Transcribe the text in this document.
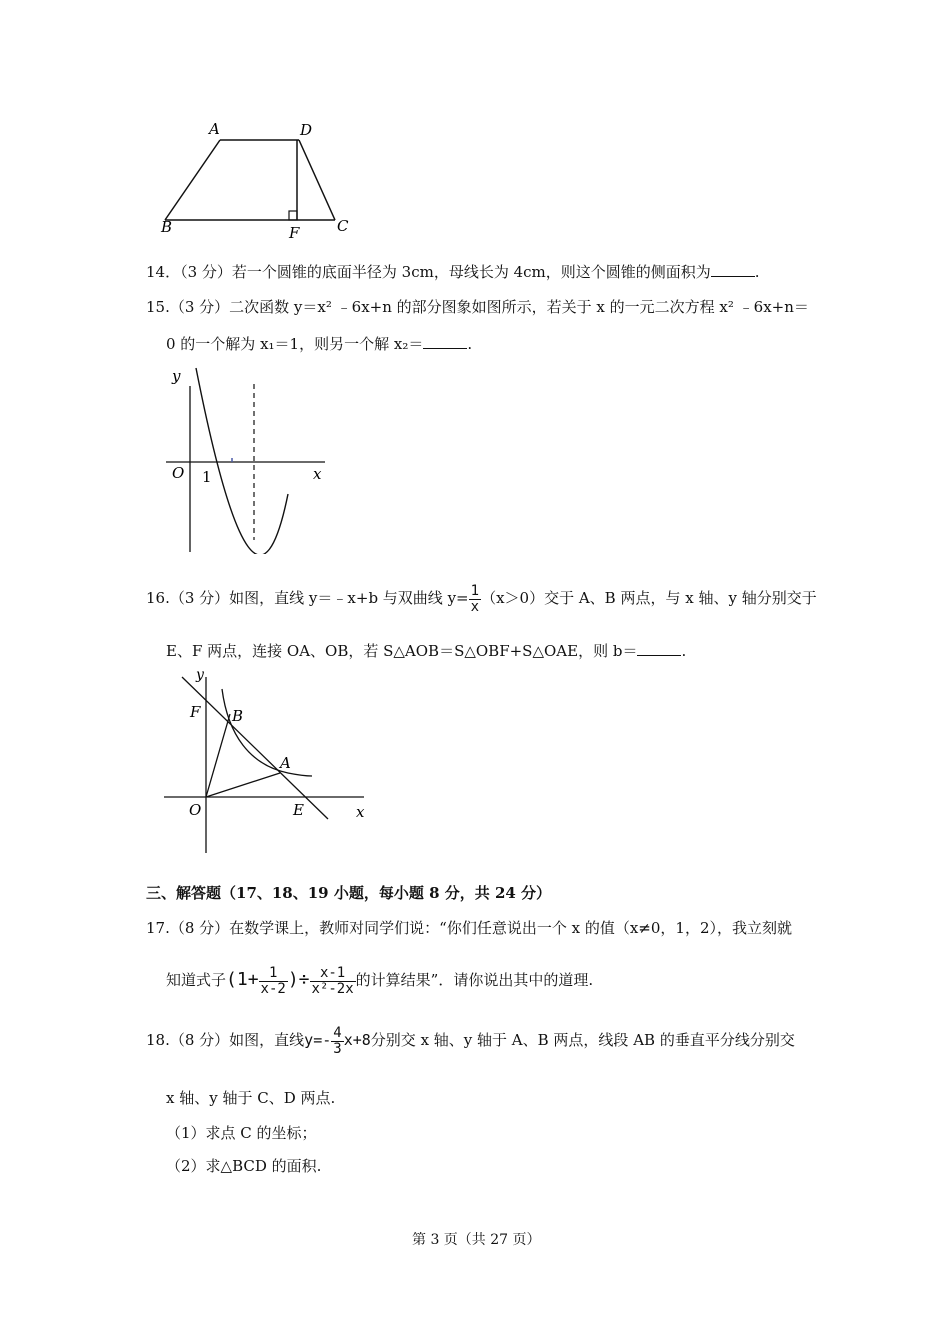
A	D
B	F	C
14．（3 分）若一个圆锥的底面半径为 3cm，母线长为 4cm，则这个圆锥的侧面积为	.
15.（3 分）二次函数 y＝x² ﹣6x+n 的部分图象如图所示，若关于 x 的一元二次方程 x² ﹣6x+n＝
0 的一个解为 x₁＝1，则另一个解 x₂＝	.
y
x
O 1
16.（3 分）如图，直线 y＝﹣x+b 与双曲线 $y= \frac{1}{x} (x>0)$交于 A、B 两点，与 x 轴、y 轴分别交于
E、F 两点，连接 OA、OB，若 S△AOB＝S△OBF+S△OAE，则 b＝	.
y
x
O
F B
A
E
三、解答题（17、18、19 小题，每小题 8 分，共 24 分）
17.（8 分）在数学课上，教师对同学们说：“你们任意说出一个 x 的值（x≠0，1，2），我立刻就
知道式子($1+ \frac{1}{x-2}$ )÷ $\frac{x-1}{\text{x²-2x}}$ 的计算结果”．请你说出其中的道理.
18.（8 分）如图，直线$y=- \frac{4}{3} x+8$分别交 x 轴、y 轴于 A、B 两点，线段 AB 的垂直平分线分别交
x 轴、y 轴于 C、D 两点.
（1）求点 C 的坐标；
（2）求△BCD 的面积.
第 3 页（共 27 页）
